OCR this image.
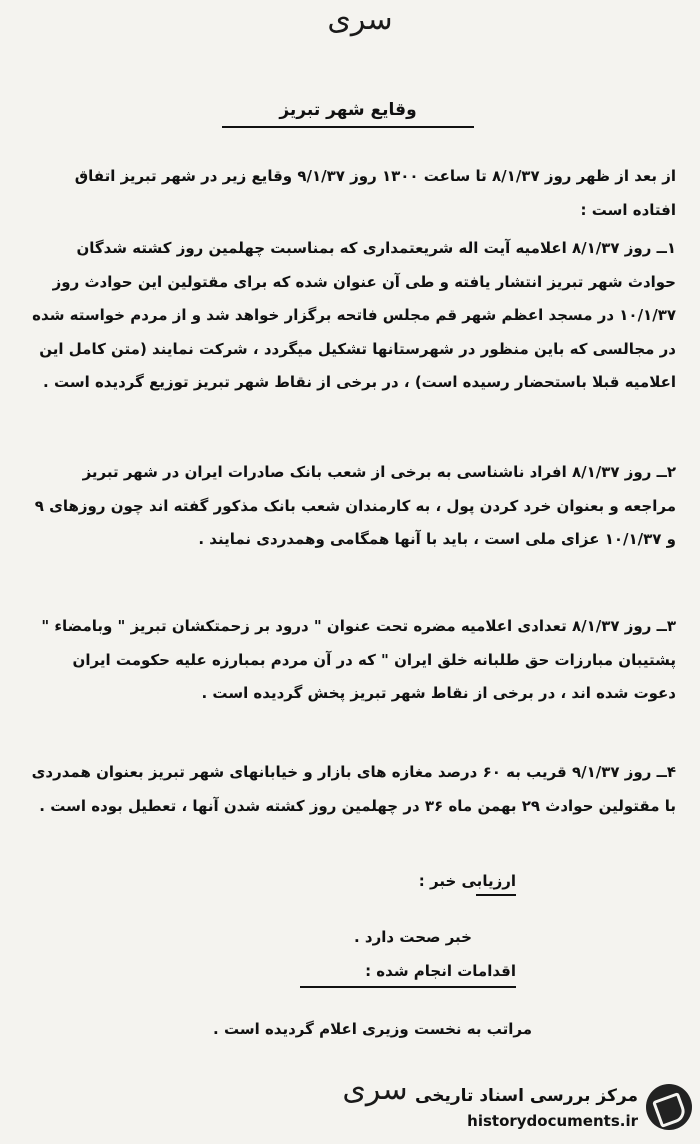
سری
وقایع شهر تبریز

از بعد از ظهر روز ۸/۱/۳۷ تا ساعت ۱۳۰۰ روز ۹/۱/۳۷ وقایع زیر در شهر تبریز اتفاق افتاده است :

۱ــ روز ۸/۱/۳۷ اعلامیه آیت اله شریعتمداری که بمناسبت چهلمین روز کشته شدگان حوادث شهر تبریز انتشار یافته و طی آن عنوان شده که برای مقتولین این حوادث روز ۱۰/۱/۳۷ در مسجد اعظم شهر قم مجلس فاتحه برگزار خواهد شد و از مردم خواسته شده در مجالسی که باین منظور در شهرستانها تشکیل میگردد ، شرکت نمایند (متن کامل این اعلامیه قبلا باستحضار رسیده است) ، در برخی از نقاط شهر تبریز توزیع گردیده است .

۲ــ روز ۸/۱/۳۷ افراد ناشناسی به برخی از شعب بانک صادرات ایران در شهر تبریز مراجعه و بعنوان خرد کردن پول ، به کارمندان شعب بانک مذکور گفته اند چون روزهای ۹ و ۱۰/۱/۳۷ عزای ملی است ، باید با آنها همگامی وهمدردی نمایند .

۳ــ روز ۸/۱/۳۷ تعدادی اعلامیه مضره تحت عنوان " درود بر زحمتکشان تبریز " وبامضاء " پشتیبان مبارزات حق طلبانه خلق ایران " که در آن مردم بمبارزه علیه حکومت ایران دعوت شده اند ، در برخی از نقاط شهر تبریز پخش گردیده است .

۴ــ روز ۹/۱/۳۷ قریب به ۶۰ درصد مغازه های بازار و خیابانهای شهر تبریز بعنوان همدردی با مقتولین حوادث ۲۹ بهمن ماه ۳۶ در چهلمین روز کشته شدن آنها ، تعطیل بوده است .

ارزیابی خبر :
خبر صحت دارد .
اقدامات انجام شده :
مراتب به نخست وزیری اعلام گردیده است .
سری مرکز بررسی اسناد تاریخی
historydocuments.ir
